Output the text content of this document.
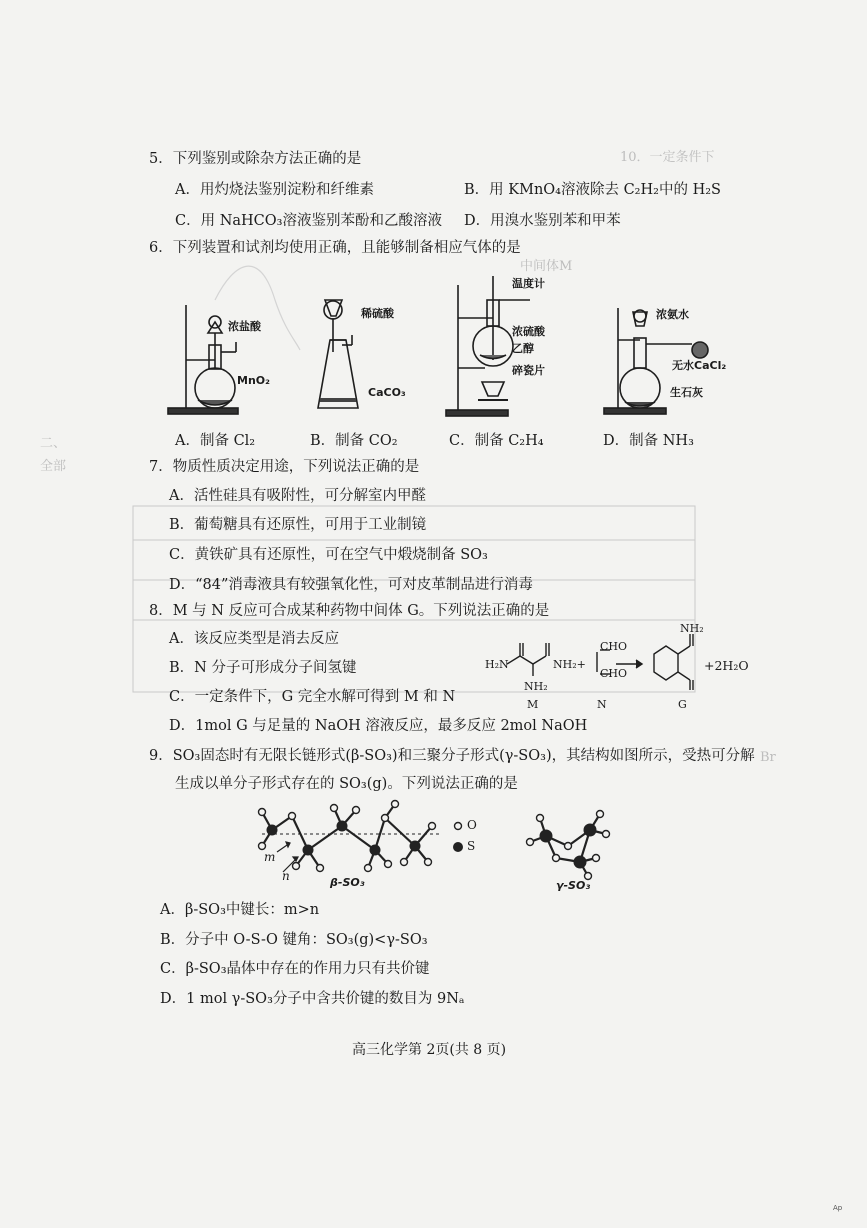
10．一定条件下
中间体M
二、
全部
Br
5．下列鉴别或除杂方法正确的是
A．用灼烧法鉴别淀粉和纤维素	B．用 KMnO₄溶液除去 C₂H₂中的 H₂S
C．用 NaHCO₃溶液鉴别苯酚和乙酸溶液 D．用溴水鉴别苯和甲苯
6．下列装置和试剂均使用正确，且能够制备相应气体的是
浓盐酸
MnO₂
稀硫酸
CaCO₃
温度计
浓硫酸
乙醇
碎瓷片
浓氨水
无水CaCl₂
生石灰
A．制备 Cl₂	B．制备 CO₂	C．制备 C₂H₄	D．制备 NH₃
7．物质性质决定用途，下列说法正确的是
A．活性硅具有吸附性，可分解室内甲醛
B．葡萄糖具有还原性，可用于工业制镜
C．黄铁矿具有还原性，可在空气中煅烧制备 SO₃
D．“84”消毒液具有较强氧化性，可对皮革制品进行消毒
8．M 与 N 反应可合成某种药物中间体 G。下列说法正确的是
A．该反应类型是消去反应
B．N 分子可形成分子间氢键
C．一定条件下，G 完全水解可得到 M 和 N
D．1mol G 与足量的 NaOH 溶液反应，最多反应 2mol NaOH
H₂N
NH₂
NH₂+
CHO
CHO
NH₂
+2H₂O
M	N	G
9．SO₃固态时有无限长链形式(β-SO₃)和三聚分子形式(γ-SO₃)，其结构如图所示，受热可分解
生成以单分子形式存在的 SO₃(g)。下列说法正确的是
m
n
O
S
β-SO₃	γ-SO₃
A．β-SO₃中键长：m>n
B．分子中 O-S-O 键角：SO₃(g)<γ-SO₃
C．β-SO₃晶体中存在的作用力只有共价键
D．1 mol γ-SO₃分子中含共价键的数目为 9Nₐ
高三化学第 2页(共 8 页)
Ap
